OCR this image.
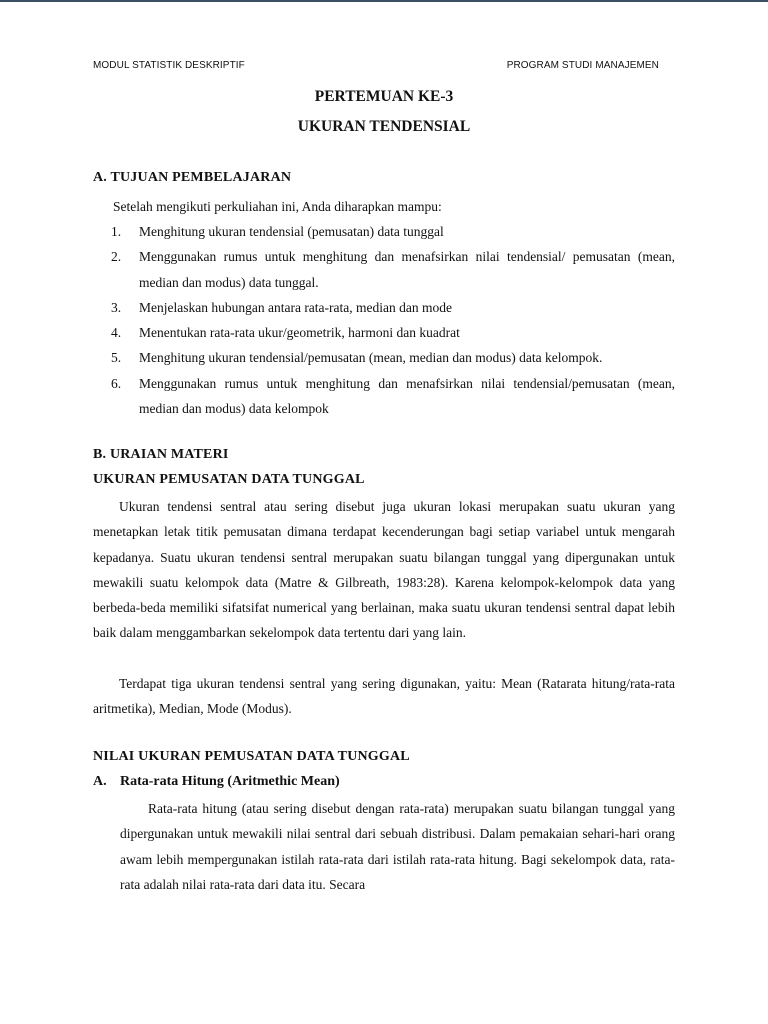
MODUL STATISTIK DESKRIPTIF	PROGRAM STUDI MANAJEMEN
PERTEMUAN KE-3
UKURAN TENDENSIAL
A. TUJUAN PEMBELAJARAN
Setelah mengikuti perkuliahan ini, Anda diharapkan mampu:
1. Menghitung ukuran tendensial (pemusatan) data tunggal
2. Menggunakan rumus untuk menghitung dan menafsirkan nilai tendensial/ pemusatan (mean, median dan modus) data tunggal.
3. Menjelaskan hubungan antara rata-rata, median dan mode
4. Menentukan rata-rata ukur/geometrik, harmoni dan kuadrat
5. Menghitung ukuran tendensial/pemusatan (mean, median dan modus) data kelompok.
6. Menggunakan rumus untuk menghitung dan menafsirkan nilai tendensial/pemusatan (mean, median dan modus) data kelompok
B. URAIAN MATERI
UKURAN PEMUSATAN DATA TUNGGAL
Ukuran tendensi sentral atau sering disebut juga ukuran lokasi merupakan suatu ukuran yang menetapkan letak titik pemusatan dimana terdapat kecenderungan bagi setiap variabel untuk mengarah kepadanya. Suatu ukuran tendensi sentral merupakan suatu bilangan tunggal yang dipergunakan untuk mewakili suatu kelompok data (Matre & Gilbreath, 1983:28). Karena kelompok-kelompok data yang berbeda-beda memiliki sifatsifat numerical yang berlainan, maka suatu ukuran tendensi sentral dapat lebih baik dalam menggambarkan sekelompok data tertentu dari yang lain.
Terdapat tiga ukuran tendensi sentral yang sering digunakan, yaitu: Mean (Ratarata hitung/rata-rata aritmetika), Median, Mode (Modus).
NILAI UKURAN PEMUSATAN DATA TUNGGAL
A. Rata-rata Hitung (Aritmethic Mean)
Rata-rata hitung (atau sering disebut dengan rata-rata) merupakan suatu bilangan tunggal yang dipergunakan untuk mewakili nilai sentral dari sebuah distribusi. Dalam pemakaian sehari-hari orang awam lebih mempergunakan istilah rata-rata dari istilah rata-rata hitung. Bagi sekelompok data, rata-rata adalah nilai rata-rata dari data itu. Secara
